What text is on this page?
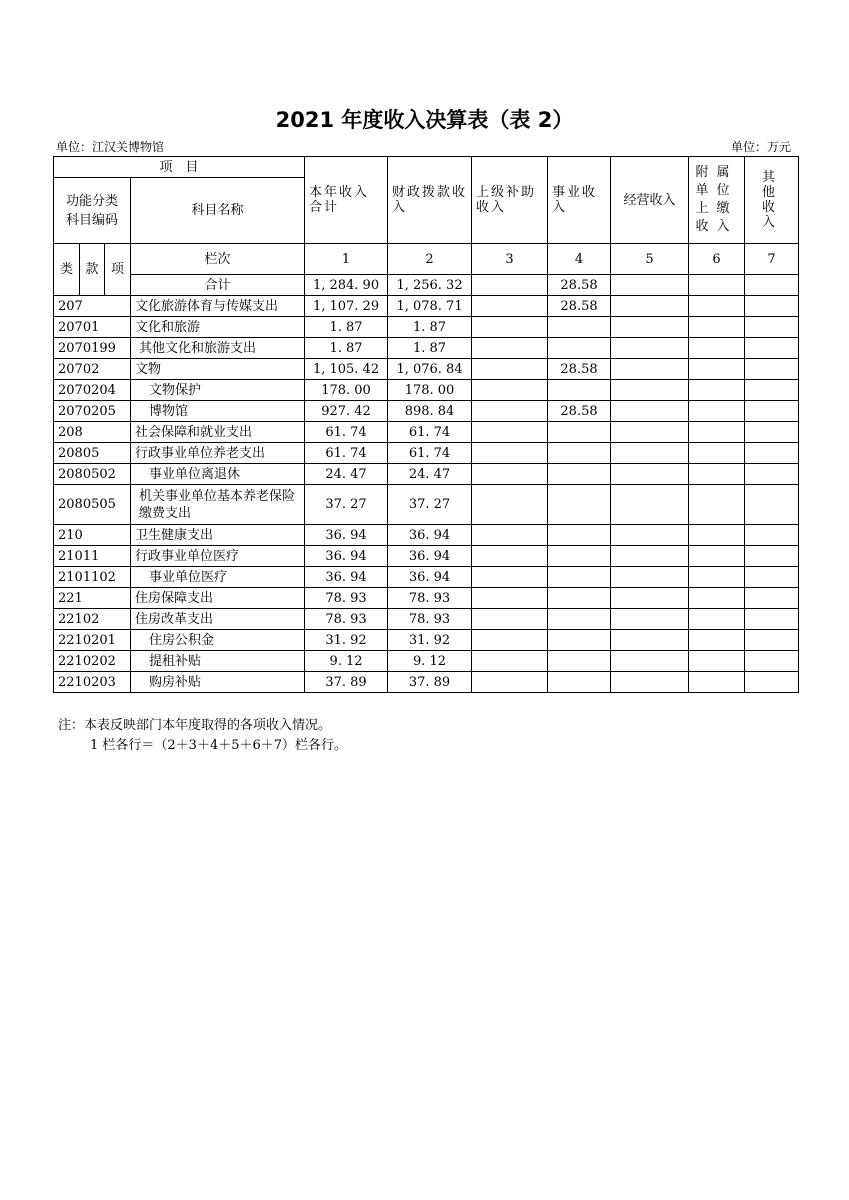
2021 年度收入决算表（表 2）
单位：江汉关博物馆	单位：万元
项　目				本年收入合计	财政拨款收入	上级补助收入	事业收入	经营收入	附属单位上缴收入	其他收入
功能分类科目编码			科目名称							

类	款	项	栏次	1	2	3	4	5	6	7
			合计	1, 284. 90	1, 256. 32		28.58			
207			文化旅游体育与传媒支出	1, 107. 29	1, 078. 71		28.58			
20701			文化和旅游	1. 87	1. 87					
2070199			其他文化和旅游支出	1. 87	1. 87					
20702			文物	1, 105. 42	1, 076. 84		28.58			
2070204			文物保护	178. 00	178. 00					
2070205			博物馆	927. 42	898. 84		28.58			
208			社会保障和就业支出	61. 74	61. 74					
20805			行政事业单位养老支出	61. 74	61. 74					
2080502			事业单位离退休	24. 47	24. 47					
2080505			机关事业单位基本养老保险缴费支出	37. 27	37. 27					
210			卫生健康支出	36. 94	36. 94					
21011			行政事业单位医疗	36. 94	36. 94					
2101102			事业单位医疗	36. 94	36. 94					
221			住房保障支出	78. 93	78. 93					
22102			住房改革支出	78. 93	78. 93					
2210201			住房公积金	31. 92	31. 92					
2210202			提租补贴	9. 12	9. 12					
2210203			购房补贴	37. 89	37. 89					
注：本表反映部门本年度取得的各项收入情况。
1 栏各行＝（2＋3＋4＋5＋6＋7）栏各行。
